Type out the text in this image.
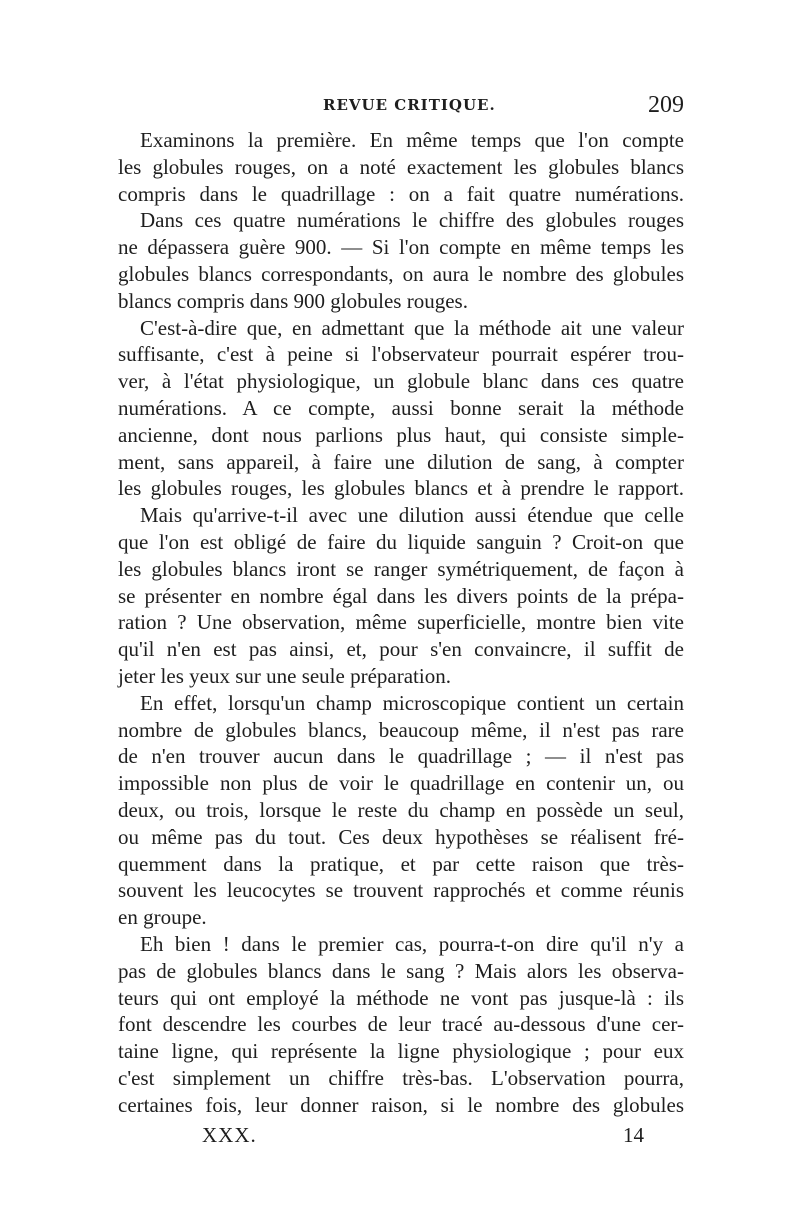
REVUE CRITIQUE.	209
Examinons la première. En même temps que l'on compte
les globules rouges, on a noté exactement les globules blancs
compris dans le quadrillage : on a fait quatre numérations.
Dans ces quatre numérations le chiffre des globules rouges
ne dépassera guère 900. — Si l'on compte en même temps les
globules blancs correspondants, on aura le nombre des globules
blancs compris dans 900 globules rouges.
C'est-à-dire que, en admettant que la méthode ait une valeur
suffisante, c'est à peine si l'observateur pourrait espérer trou-
ver, à l'état physiologique, un globule blanc dans ces quatre
numérations. A ce compte, aussi bonne serait la méthode
ancienne, dont nous parlions plus haut, qui consiste simple-
ment, sans appareil, à faire une dilution de sang, à compter
les globules rouges, les globules blancs et à prendre le rapport.
Mais qu'arrive-t-il avec une dilution aussi étendue que celle
que l'on est obligé de faire du liquide sanguin ? Croit-on que
les globules blancs iront se ranger symétriquement, de façon à
se présenter en nombre égal dans les divers points de la prépa-
ration ? Une observation, même superficielle, montre bien vite
qu'il n'en est pas ainsi, et, pour s'en convaincre, il suffit de
jeter les yeux sur une seule préparation.
En effet, lorsqu'un champ microscopique contient un certain
nombre de globules blancs, beaucoup même, il n'est pas rare
de n'en trouver aucun dans le quadrillage ; — il n'est pas
impossible non plus de voir le quadrillage en contenir un, ou
deux, ou trois, lorsque le reste du champ en possède un seul,
ou même pas du tout. Ces deux hypothèses se réalisent fré-
quemment dans la pratique, et par cette raison que très-
souvent les leucocytes se trouvent rapprochés et comme réunis
en groupe.
Eh bien ! dans le premier cas, pourra-t-on dire qu'il n'y a
pas de globules blancs dans le sang ? Mais alors les observa-
teurs qui ont employé la méthode ne vont pas jusque-là : ils
font descendre les courbes de leur tracé au-dessous d'une cer-
taine ligne, qui représente la ligne physiologique ; pour eux
c'est simplement un chiffre très-bas. L'observation pourra,
certaines fois, leur donner raison, si le nombre des globules
XXX.	14
